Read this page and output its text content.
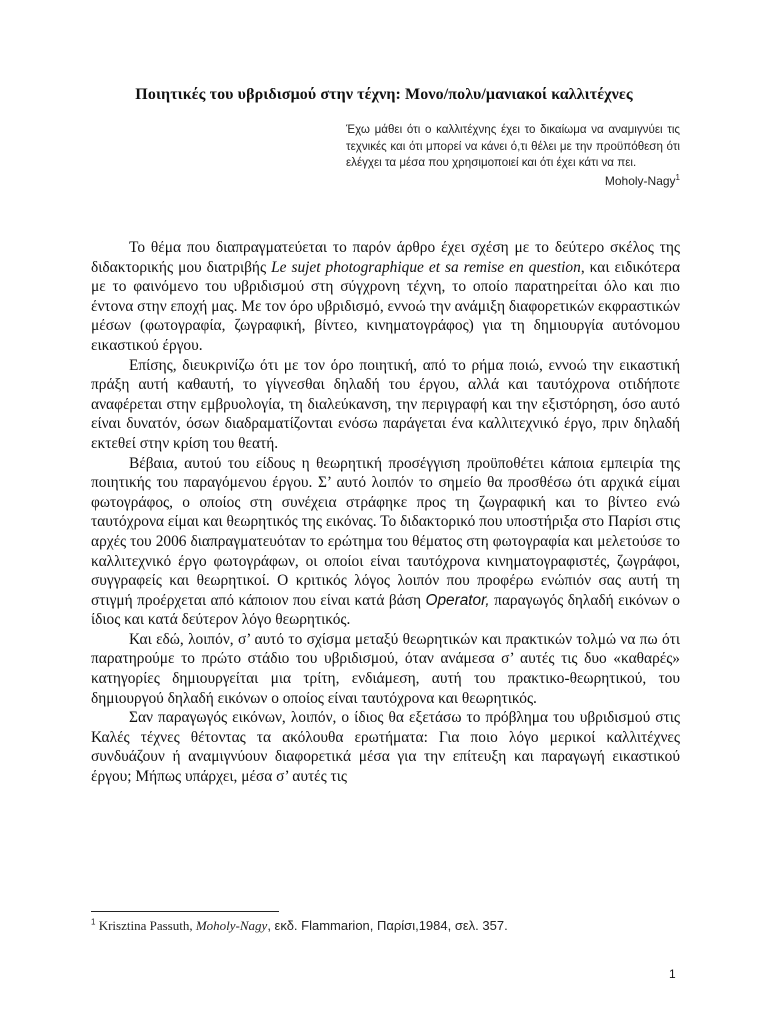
Ποιητικές του υβριδισμού στην τέχνη: Μονο/πολυ/μανιακοί καλλιτέχνες
Έχω μάθει ότι ο καλλιτέχνης έχει το δικαίωμα να αναμιγνύει τις τεχνικές και ότι μπορεί να κάνει ό,τι θέλει με την προϋπόθεση ότι ελέγχει τα μέσα που χρησιμοποιεί και ότι έχει κάτι να πει.
Moholy-Nagy$^1$

Το θέμα που διαπραγματεύεται το παρόν άρθρο έχει σχέση με το δεύτερο σκέλος της διδακτορικής μου διατριβής Le sujet photographique et sa remise en question, και ειδικότερα με το φαινόμενο του υβριδισμού στη σύγχρονη τέχνη, το οποίο παρατηρείται όλο και πιο έντονα στην εποχή μας. Με τον όρο υβριδισμό, εννοώ την ανάμιξη διαφορετικών εκφραστικών μέσων (φωτογραφία, ζωγραφική, βίντεο, κινηματογράφος) για τη δημιουργία αυτόνομου εικαστικού έργου.

Επίσης, διευκρινίζω ότι με τον όρο ποιητική, από το ρήμα ποιώ, εννοώ την εικαστική πράξη αυτή καθαυτή, το γίγνεσθαι δηλαδή του έργου, αλλά και ταυτόχρονα οτιδήποτε αναφέρεται στην εμβρυολογία, τη διαλεύκανση, την περιγραφή και την εξιστόρηση, όσο αυτό είναι δυνατόν, όσων διαδραματίζονται ενόσω παράγεται ένα καλλιτεχνικό έργο, πριν δηλαδή εκτεθεί στην κρίση του θεατή.

Βέβαια, αυτού του είδους η θεωρητική προσέγγιση προϋποθέτει κάποια εμπειρία της ποιητικής του παραγόμενου έργου. Σ’ αυτό λοιπόν το σημείο θα προσθέσω ότι αρχικά είμαι φωτογράφος, ο οποίος στη συνέχεια στράφηκε προς τη ζωγραφική και το βίντεο ενώ ταυτόχρονα είμαι και θεωρητικός της εικόνας. Το διδακτορικό που υποστήριξα στο Παρίσι στις αρχές του 2006 διαπραγματευόταν το ερώτημα του θέματος στη φωτογραφία και μελετούσε το καλλιτεχνικό έργο φωτογράφων, οι οποίοι είναι ταυτόχρονα κινηματογραφιστές, ζωγράφοι, συγγραφείς και θεωρητικοί. Ο κριτικός λόγος λοιπόν που προφέρω ενώπιόν σας αυτή τη στιγμή προέρχεται από κάποιον που είναι κατά βάση Operator, παραγωγός δηλαδή εικόνων ο ίδιος και κατά δεύτερον λόγο θεωρητικός.

Και εδώ, λοιπόν, σ’ αυτό το σχίσμα μεταξύ θεωρητικών και πρακτικών τολμώ να πω ότι παρατηρούμε το πρώτο στάδιο του υβριδισμού, όταν ανάμεσα σ’ αυτές τις δυο «καθαρές» κατηγορίες δημιουργείται μια τρίτη, ενδιάμεση, αυτή του πρακτικο-θεωρητικού, του δημιουργού δηλαδή εικόνων ο οποίος είναι ταυτόχρονα και θεωρητικός.

Σαν παραγωγός εικόνων, λοιπόν, ο ίδιος θα εξετάσω το πρόβλημα του υβριδισμού στις Καλές τέχνες θέτοντας τα ακόλουθα ερωτήματα: Για ποιο λόγο μερικοί καλλιτέχνες συνδυάζουν ή αναμιγνύουν διαφορετικά μέσα για την επίτευξη και παραγωγή εικαστικού έργου; Μήπως υπάρχει, μέσα σ’ αυτές τις

$^1$ Krisztina Passuth, Moholy-Nagy, εκδ. Flammarion, Παρίσι,1984, σελ. 357.
1
